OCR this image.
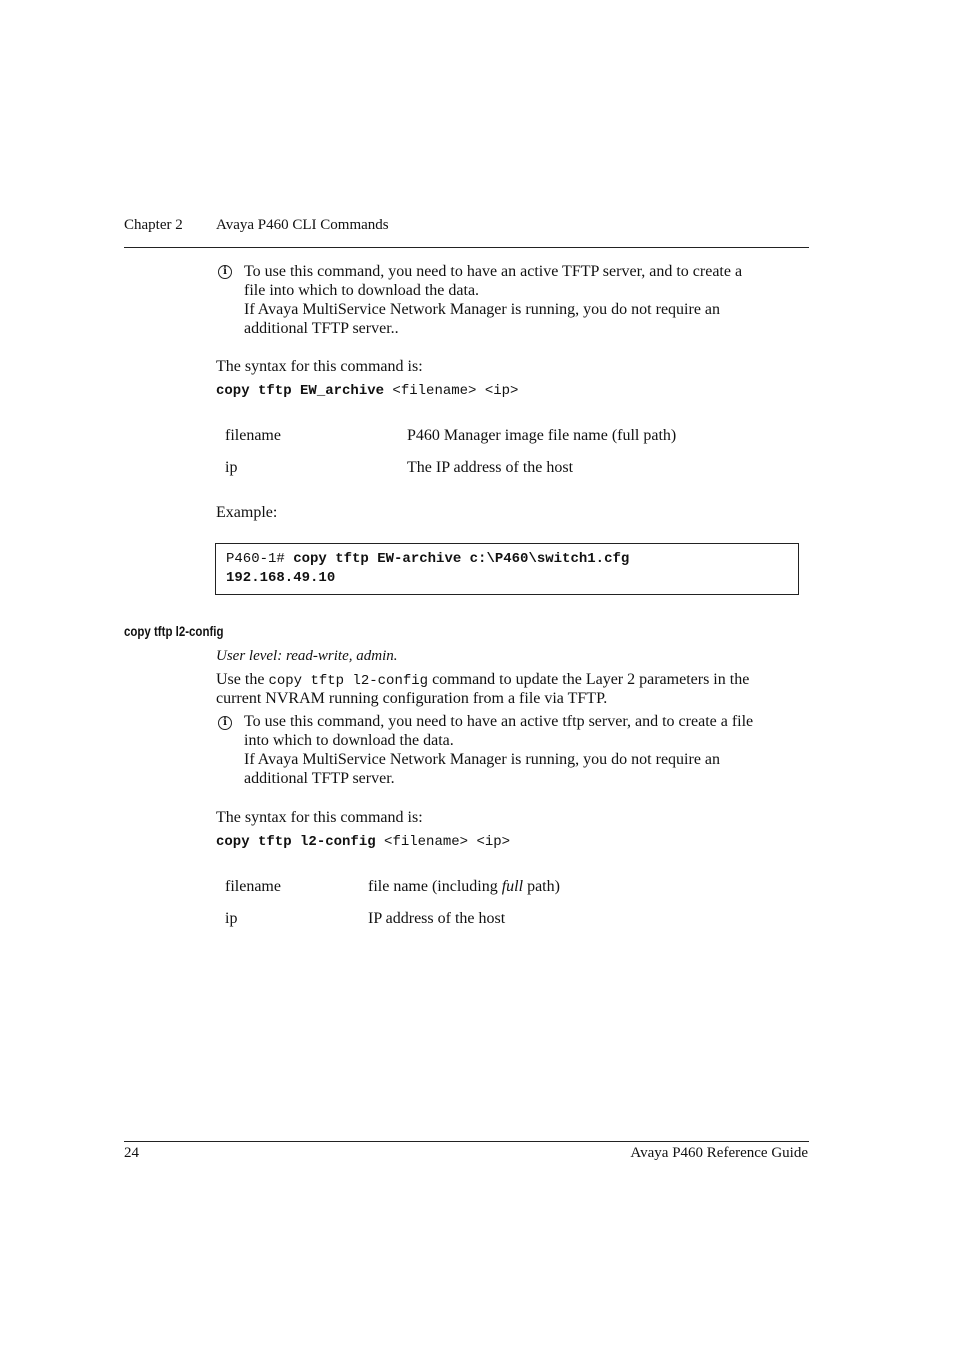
Chapter 2 Avaya P460 CLI Commands
i	To use this command, you need to have an active TFTP server, and to create a
file into which to download the data.
If Avaya MultiService Network Manager is running, you do not require an
additional TFTP server..
The syntax for this command is:
copy tftp EW_archive <filename> <ip>
filename	P460 Manager image file name (full path)
ip	The IP address of the host
Example:
P460-1# copy tftp EW-archive c:\P460\switch1.cfg
192.168.49.10
copy tftp l2-config
User level: read-write, admin.
Use the copy tftp l2-config command to update the Layer 2 parameters in the
current NVRAM running configuration from a file via TFTP.
i	To use this command, you need to have an active tftp server, and to create a file
into which to download the data.
If Avaya MultiService Network Manager is running, you do not require an
additional TFTP server.
The syntax for this command is:
copy tftp l2-config <filename> <ip>
filename	file name (including full path)
ip	IP address of the host
24	Avaya P460 Reference Guide
